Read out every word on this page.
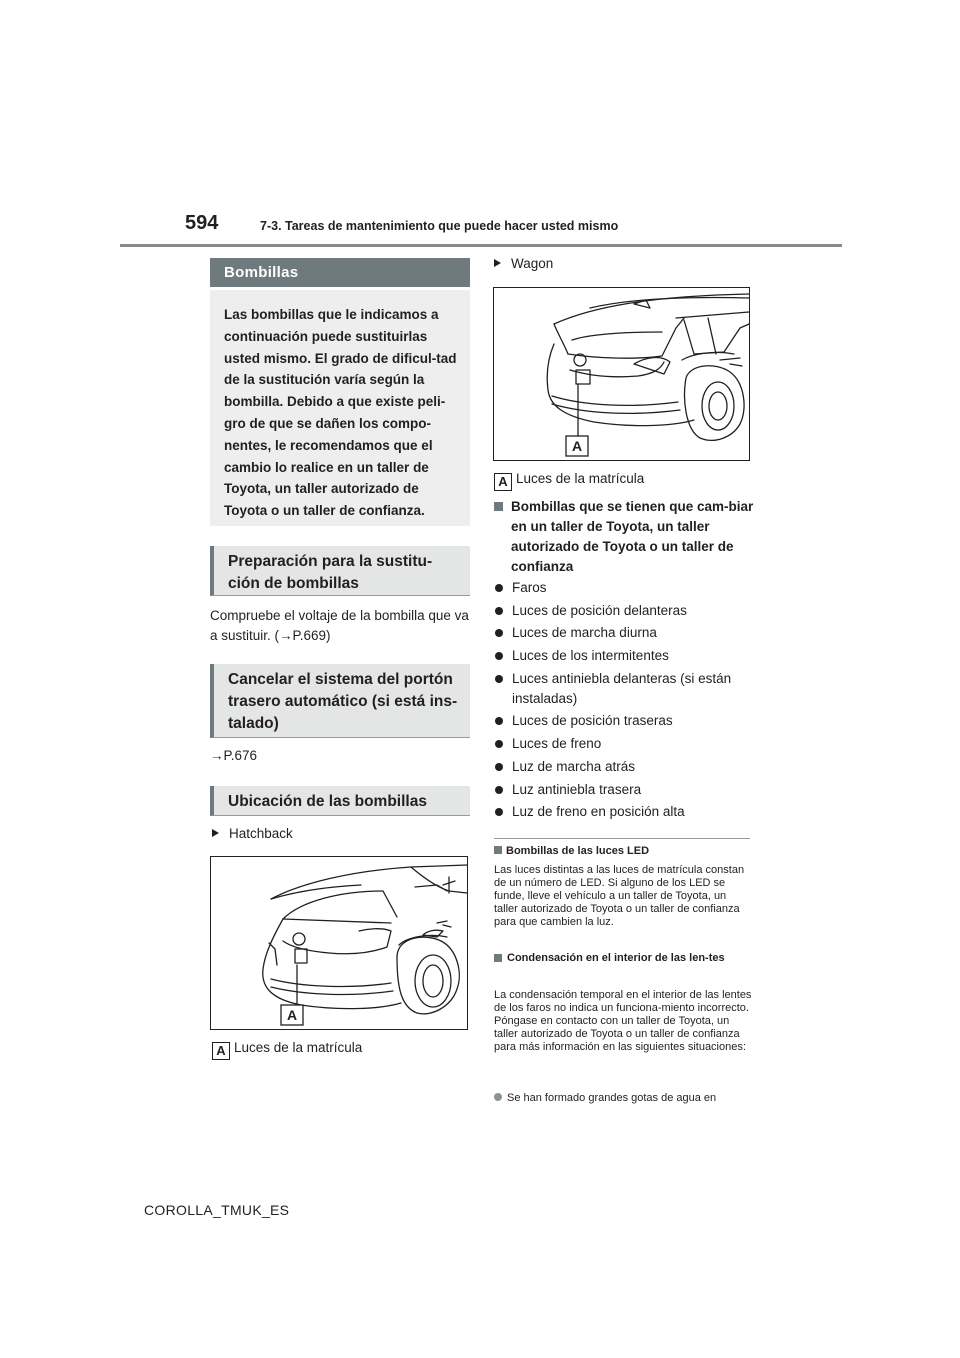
594	7-3. Tareas de mantenimiento que puede hacer usted mismo
Bombillas
Las bombillas que le indicamos a continuación puede sustituirlas usted mismo. El grado de dificul-tad de la sustitución varía según la bombilla. Debido a que existe peli-gro de que se dañen los compo-nentes, le recomendamos que el cambio lo realice en un taller de Toyota, un taller autorizado de Toyota o un taller de confianza.
Preparación para la sustitu-ción de bombillas
Compruebe el voltaje de la bombilla que va a sustituir. (→P.669)
Cancelar el sistema del portón trasero automático (si está ins-talado)
→P.676
Ubicación de las bombillas
Hatchback
A
A Luces de la matrícula
Wagon
A
A Luces de la matrícula
Bombillas que se tienen que cam-biar en un taller de Toyota, un taller autorizado de Toyota o un taller de confianza
Faros
Luces de posición delanteras
Luces de marcha diurna
Luces de los intermitentes
Luces antiniebla delanteras (si están instaladas)
Luces de posición traseras
Luces de freno
Luz de marcha atrás
Luz antiniebla trasera
Luz de freno en posición alta
Bombillas de las luces LED
Las luces distintas a las luces de matrícula constan de un número de LED. Si alguno de los LED se funde, lleve el vehículo a un taller de Toyota, un taller autorizado de Toyota o un taller de confianza para que cambien la luz.
Condensación en el interior de las len-tes
La condensación temporal en el interior de las lentes de los faros no indica un funciona-miento incorrecto. Póngase en contacto con un taller de Toyota, un taller autorizado de Toyota o un taller de confianza para más información en las siguientes situaciones:
Se han formado grandes gotas de agua en
COROLLA_TMUK_ES
